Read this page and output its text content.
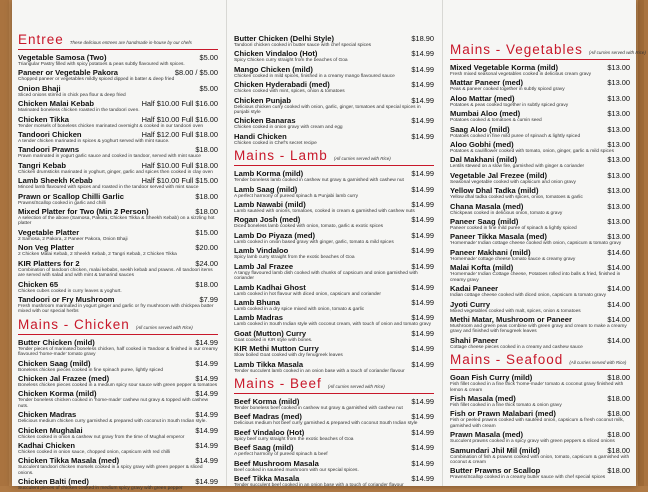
Entree These delicious entrees are handmade in-house by our chefs
Vegetable Samosa (Two)	$5.00
Triangular Pastry filled with spicy potatoes & peas subtly flavoured with spices.
Paneer or Vegetable Pakora	$8.00 / $5.00
Chopped paneer or vegetables mildly spiced dipped in batter & deep fried
Onion Bhaji	$5.00
Sliced onions stirred in chick pea flour & deep fried
Chicken Malai Kebab	Half $10.00 Full $16.00
Marinated boneless chicken roasted in the tandoori oven.
Chicken Tikka	Half $10.00 Full $16.00
Tender morsels of boneless chicken marinated overnight & cooked in our tandoori oven
Tandoori Chicken	Half $12.00 Full $18.00
A tender chicken marinated in spices & yoghurt served with mint sauce.
Tandoori Prawns	$18.00
Prawn marinated in yogurt garlic sauce and cooked in tandoor, served with mint sauce
Tangri Kebab	Half $10.00 Full $18.00
Chicken drumsticks marinated in yoghurt, ginger, garlic and spices then cooked in clay oven
Lamb Sheekh Kebab	Half $10.00 Full $15.00
Minced lamb flavoured with spices and roasted in the tandoor served with mint sauce
Prawn or Scallop Chilli Garlic	$18.00
Prawns/Scallop cooked in garlic and chilli
Mixed Platter for Two (Min 2 Person)	$18.00
A selection of the above (Samosa, Pakora, Chicken Tikka & Sheekh Kebab) on a sizzling hot platter
Vegetable Platter	$15.00
2 Samosa, 2 Pakora, 2 Paneer Pakora, Onion Bhaji
Non Veg Platter	$20.00
2 Chicken Malai Kebab, 2 Sheekh Kebab, 2 Tangri Kebab, 2 Chicken Tikka
KIR Platters for 2	$24.00
Combination of tandoori chicken, malai kebabs, seekh kebab and prawns. All tandoori items are served with salad and with mint & tamarind sauces
Chicken 65	$18.00
Chicken cubes cooked in curry leaves & yoghurt.
Tandoori or Fry Mushroom	$7.99
Fresh mushroom marinated in yogurt ginger and garlic or fry mushroom with chickpea batter mixed with our special herbs
Mains - Chicken (All curries served with Rice)
Butter Chicken (mild)	$14.99
Tender pieces of marinated boneless chicken, half cooked in Tandoor & finished in our creamy flavoured 'home-made' tomato gravy
Chicken Saag (mild)	$14.99
Boneless chicken pieces cooked in fine spinach puree, lightly spiced
Chicken Jal Frazee (med)	$14.99
Boneless chicken pieces cooked in a medium spicy sour sauce with green pepper & tomatoes
Chicken Korma (mild)	$14.99
Tender boneless chicken cooked in 'home-made' cashew nut gravy & topped with cashew nuts.
Chicken Madras	$14.99
Delicious medium chicken curry garnished & prepared with coconut in South Indian style.
Chicken Mughalai	$14.99
Chicken cooked in onion & cashew nut gravy from the time of Mughal emperor
Kadhai Chicken	$14.99
Chicken cooked in onion sauce, chopped onion, capsicum with red chilli
Chicken Tikka Masala (med)	$14.99
Succulent tandoori chicken morsels cooked in a spicy gravy with green pepper & sliced onions.
Chicken Balti (med)	$14.99
Succulent pieces of chicken cooked in medium spicy gravy with green pepper
Butter Chicken (Delhi Style)	$18.90
Tandoori chicken cooked in butter sauce with chef special spices
Chicken Vindaloo (Hot)	$14.99
Spicy Chicken curry straight from the beaches of Goa
Mango Chicken (mild)	$14.99
Chicken cooked in mild spices, finished in a creamy mango flavoured sauce
Chicken Hyderabadi (med)	$14.99
Chicken cooked with mint, spices, onion & tomatoes
Chicken Punjab	$14.99
Delicious chicken curry cooked with onion, garlic, ginger, tomatoes and special spices in punjabi style
Chicken Banaras	$14.99
Chicken cooked in onion gravy with cream and egg
Handi Chicken	$14.99
Chicken cooked in Chef's secret recipe
Mains - Lamb (All curries served with Rice)
Lamb Korma (mild)	$14.99
Tender boneless lamb cooked in cashew nut gravy & garnished with cashew nut
Lamb Saag (mild)	$14.99
A perfect harmony of pureed spinach & Punjabi lamb curry
Lamb Nawabi (mild)	$14.99
Lamb sautéed with onions, tomatoes, cooked in cream & garnished with cashew nuts
Rogan Josh (med)	$14.99
Diced boneless lamb cooked with onion, tomato, garlic & exotic spices
Lamb Do Piyaza (med)	$14.99
Lamb cooked in onion based gravy with ginger, garlic, tomato & mild spices
Lamb Vindaloo	$14.99
Spicy lamb curry straight from the exotic beaches of Goa
Lamb Jal Frazee	$14.99
A tangy flavoured lamb dish cooked with chunks of capsicum and onion garnished with coriander
Lamb Kadhai Ghost	$14.99
Lamb cooked in hot flavour with diced onion, capsicum and coriander
Lamb Bhuna	$14.99
Lamb cooked in a dry spice mixed with onion, tomato & garlic
Lamb Madras	$14.99
Lamb cooked in South Indian style with coconut cream, with touch of onion and tomato gravy
Goat (Mutton) Curry	$14.99
Goat cooked in KIR style with bones.
KIR Methi Mutton Curry	$14.99
Slow boiled Goat cooked with dry fenugreek leaves
Lamb Tikka Masala	$14.99
Tender succulent lamb cooked in an onion base with a touch of coriander flavour
Mains - Beef (All curries served with Rice)
Beef Korma (mild)	$14.99
Tender boneless beef cooked in cashew nut gravy & garnished with cashew nut
Beef Madras (med)	$14.99
Delicious medium hot beef curry garnished & prepared with coconut South Indian style
Beef Vindaloo (Hot)	$14.99
Spicy beef curry straight from the exotic beaches of Goa
Beef Saag (mild)	$14.99
A perfect harmony of pureed spinach & beef
Beef Mushroom Masala	$14.99
Beef cooked in sautéed mushroom with our special spices.
Beef Tikka Masala	$14.99
Tender succulent beef cooked in an onion base with a touch of coriander flavour
Mains - Vegetables (All curries served with Rice)
Mixed Vegetable Korma (mild)	$13.00
Fresh mixed seasonal vegetables cooked in delicious cream gravy
Mattar Paneer (med)	$13.00
Peas & paneer cooked together in subtly spiced gravy
Aloo Mattar (med)	$13.00
Potatoes & peas cooked together in subtly spiced gravy
Mumbai Aloo (med)	$13.00
Potatoes cooked & tomatoes & cumin seed
Saag Aloo (mild)	$13.00
Potatoes cooked in fine mild puree of spinach & lightly spiced
Aloo Gobhi (med)	$13.00
Potatoes & cauliflower cooked with tomato, onion, ginger, garlic & mild spices
Dal Makhani (mild)	$13.00
Lentils stewed on a slow fire, garnished with ginger & coriander
Vegetable Jal Frezee (mild)	$13.00
Seasonal vegetable cooked with capsicum and onion gravy
Yellow Dhal Tadka (mild)	$13.00
Yellow dhal tadka cooked with spices, onion, tomatoes & garlic
Chana Masala (med)	$13.00
Chickpeas cooked in delicious onion, tomato & gravy
Paneer Saag (mild)	$13.00
Paneer cooked in fine mild puree of spinach & lightly spiced
Paneer Tikka Masala (med)	$13.00
'Homemade' Indian cottage cheese cooked with onion, capsicum & tomato gravy
Paneer Makhani (mild)	$14.60
'Homemade' cottage cheese tomato sauce & creamy gravy
Malai Kofta (mild)	$14.00
'Homemade' Indian Cottage cheese, Potatoes rolled into balls & fried, finished in creamy gravy
Kadai Paneer	$14.00
Indian cottage cheese cooked with diced onion, capsicum & tomato gravy
Jyoti Curry	$14.00
Mixed vegetables cooked with malt, spices, onion & tomatoes
Methi Matar, Mushroom or Paneer	$14.00
Mushroom and green peas combine with green gravy and cream to make a creamy gravy and finished with fenugreek leaves
Shahi Paneer	$14.00
Cottage cheese pieces cooked in a creamy and cashew sauce
Mains - Seafood (All curries served with Rice)
Goan Fish Curry (mild)	$18.00
Fish fillet cooked in a fine thick 'home-made' tomato & coconut gravy finished with lemon & cream
Fish Masala (med)	$18.00
Fish fillet cooked in a fine thick tomato & onion gravy
Fish or Prawn Malabari (med)	$18.00
Fish or peeled prawns cooked with sautéed onion, capsicum & fresh coconut milk, garnished with cream
Prawn Masala (med)	$18.00
Succulent prawns cooked in a spicy gravy with green peppers & sliced onions
Samundari Jhil Mil (mild)	$18.00
Combination of fish & prawns cooked with onion, tomato, capsicum & garnished with coconut & cream
Butter Prawns or Scallop	$18.00
Prawns/Scallop cooked in a creamy butter sauce with chef special spices
